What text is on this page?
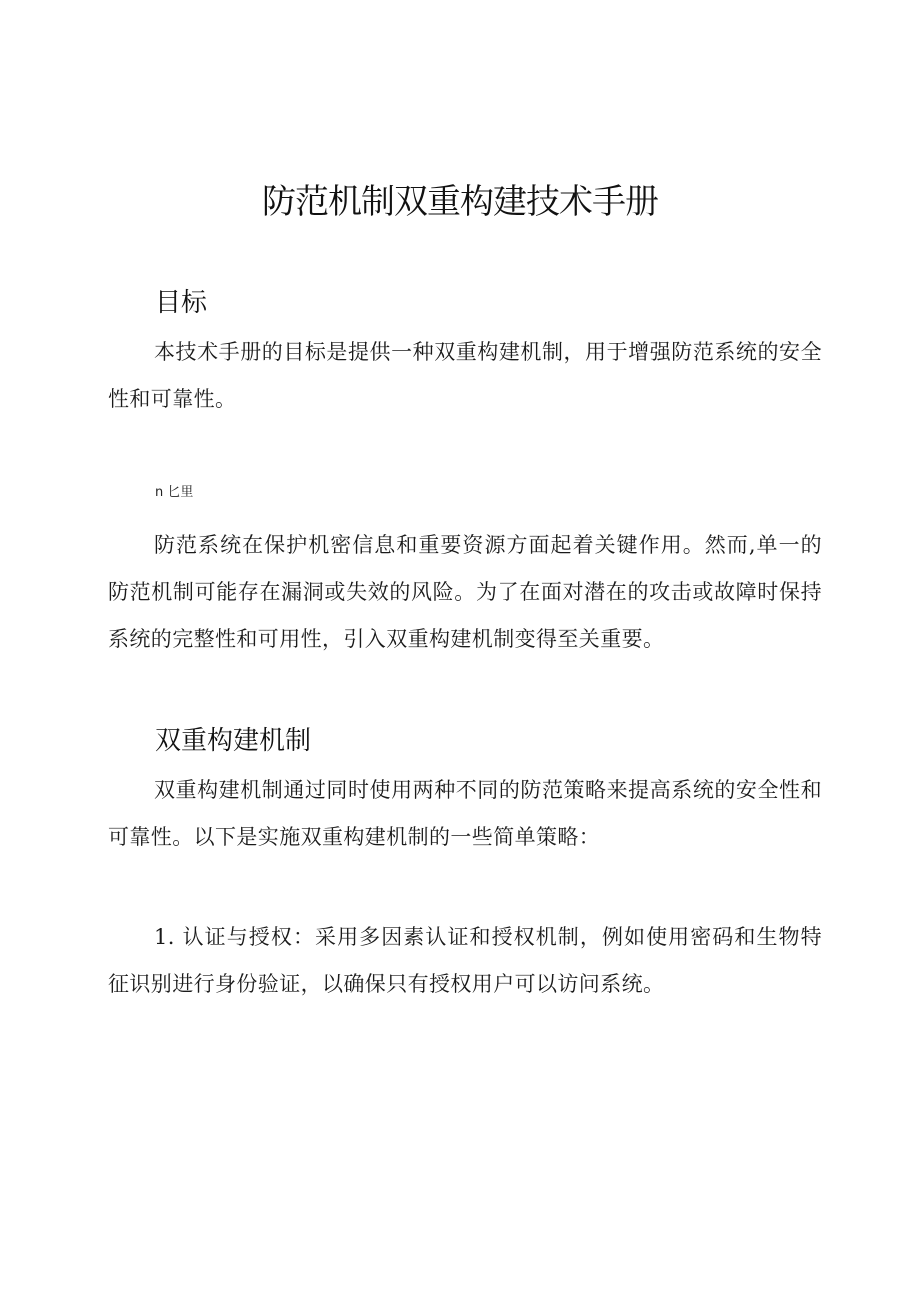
防范机制双重构建技术手册
目标
本技术手册的目标是提供一种双重构建机制，用于增强防范系统的安全性和可靠性。
n 匕里
防范系统在保护机密信息和重要资源方面起着关键作用。然而,单一的防范机制可能存在漏洞或失效的风险。为了在面对潜在的攻击或故障时保持系统的完整性和可用性，引入双重构建机制变得至关重要。
双重构建机制
双重构建机制通过同时使用两种不同的防范策略来提高系统的安全性和可靠性。以下是实施双重构建机制的一些简单策略：
1. 认证与授权：采用多因素认证和授权机制，例如使用密码和生物特征识别进行身份验证，以确保只有授权用户可以访问系统。
